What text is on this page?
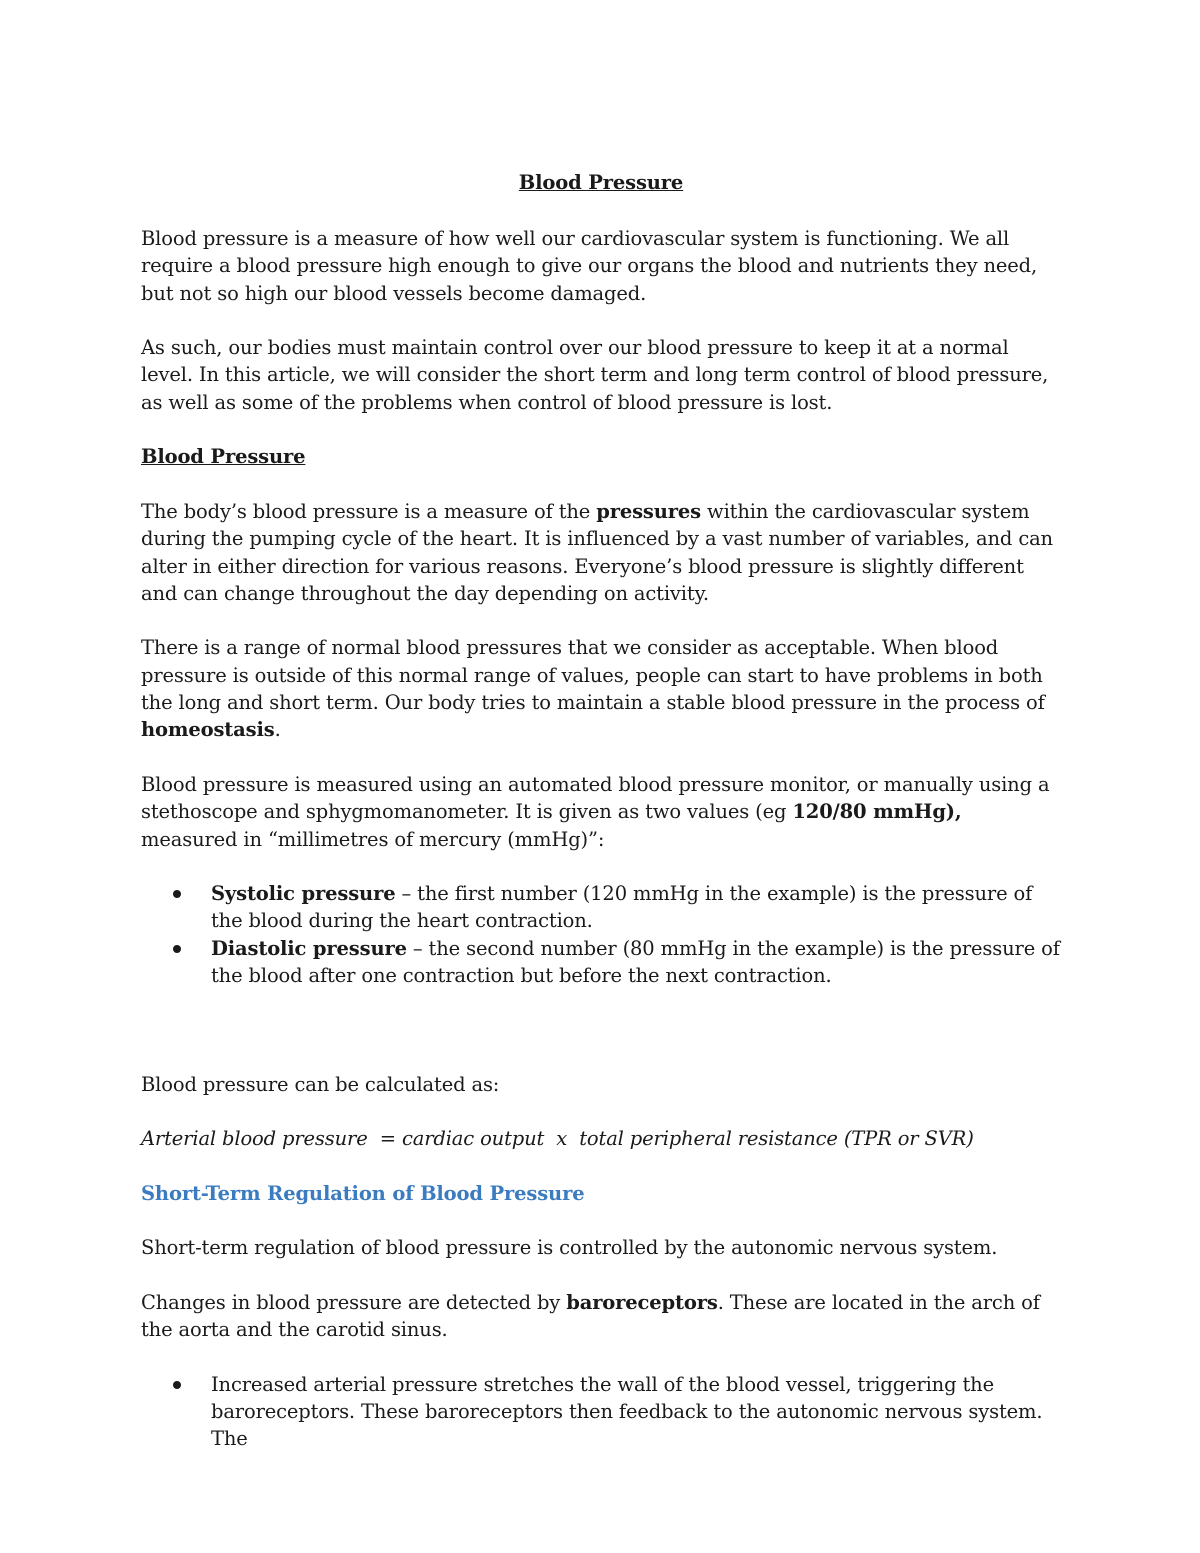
Blood Pressure

Blood pressure is a measure of how well our cardiovascular system is functioning. We all require a blood pressure high enough to give our organs the blood and nutrients they need, but not so high our blood vessels become damaged.

As such, our bodies must maintain control over our blood pressure to keep it at a normal level. In this article, we will consider the short term and long term control of blood pressure, as well as some of the problems when control of blood pressure is lost.

Blood Pressure

The body’s blood pressure is a measure of the pressures within the cardiovascular system during the pumping cycle of the heart. It is influenced by a vast number of variables, and can alter in either direction for various reasons. Everyone’s blood pressure is slightly different and can change throughout the day depending on activity.

There is a range of normal blood pressures that we consider as acceptable. When blood pressure is outside of this normal range of values, people can start to have problems in both the long and short term. Our body tries to maintain a stable blood pressure in the process of homeostasis.

Blood pressure is measured using an automated blood pressure monitor, or manually using a stethoscope and sphygmomanometer. It is given as two values (eg 120/80 mmHg), measured in “millimetres of mercury (mmHg)”:

Systolic pressure – the first number (120 mmHg in the example) is the pressure of the blood during the heart contraction.
Diastolic pressure – the second number (80 mmHg in the example) is the pressure of the blood after one contraction but before the next contraction.

Blood pressure can be calculated as:

Arterial blood pressure  = cardiac output  x  total peripheral resistance (TPR or SVR)

Short-Term Regulation of Blood Pressure

Short-term regulation of blood pressure is controlled by the autonomic nervous system.

Changes in blood pressure are detected by baroreceptors. These are located in the arch of the aorta and the carotid sinus.

Increased arterial pressure stretches the wall of the blood vessel, triggering the baroreceptors. These baroreceptors then feedback to the autonomic nervous system. The
